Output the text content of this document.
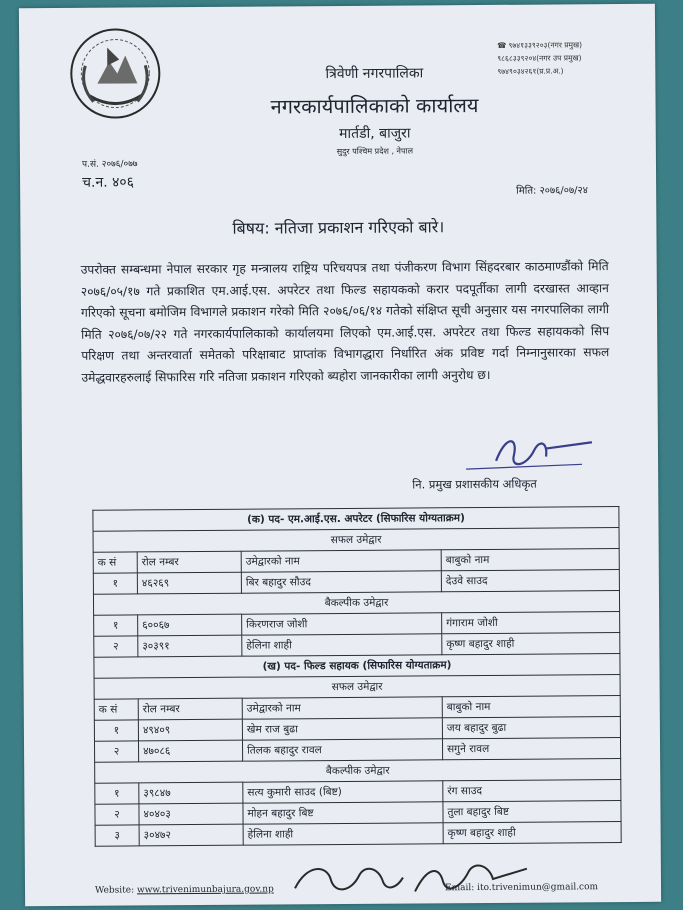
त्रिवेणी नगरपालिका
नगरकार्यपालिकाको कार्यालय
मार्तडी, बाजुरा
सुदुर पश्चिम प्रदेश , नेपाल
☎ ९७४१३३९२०३(नगर प्रमुख)
९८६८३३९२०४(नगर उप प्रमुख)
९७४९०३४२६१(प्र.प्र.अ.)
प.सं. २०७६/०७७
च.न. ४०६
मिति: २०७६/०७/२४
बिषय: नतिजा प्रकाशन गरिएको बारे।
उपरोक्त सम्बन्धमा नेपाल सरकार गृह मन्त्रालय राष्ट्रिय परिचयपत्र तथा पंजीकरण विभाग सिंहदरबार काठमाण्डौंको मिति २०७६/०५/१७ गते प्रकाशित एम.आई.एस. अपरेटर तथा फिल्ड सहायकको करार पदपूर्तीका लागी दरखास्त आव्हान गरिएको सूचना बमोजिम विभागले प्रकाशन गरेको मिति २०७६/०६/१४ गतेको संक्षिप्त सूची अनुसार यस नगरपालिका लागी मिति २०७६/०७/२२ गते नगरकार्यपालिकाको कार्यालयमा लिएको एम.आई.एस. अपरेटर तथा फिल्ड सहायकको सिप परिक्षण तथा अन्तरवार्ता समेतको परिक्षाबाट प्राप्तांक विभागद्धारा निर्धारित अंक प्रविष्ट गर्दा निम्नानुसारका सफल उमेद्धवारहरुलाई सिफारिस गरि नतिजा प्रकाशन गरिएको ब्यहोरा जानकारीका लागी अनुरोध छ।
नि. प्रमुख प्रशासकीय अधिकृत
(क) पद- एम.आई.एस. अपरेटर (सिफारिस योग्यताक्रम)			
सफल उमेद्वार			
क सं	रोल नम्बर	उमेद्वारको नाम	बाबुको नाम
१	४६२६९	बिर बहादुर सौउद	देउवे साउद
बैकल्पीक उमेद्वार			
१	६००६७	किरणराज जोशी	गंगाराम जोशी
२	३०३९१	हेलिना शाही	कृष्ण बहादुर शाही
(ख) पद- फिल्ड सहायक (सिफारिस योग्यताक्रम)			
सफल उमेद्वार			
क सं	रोल नम्बर	उमेद्वारको नाम	बाबुको नाम
१	४९४०९	खेम राज बुढा	जय बहादुर बुढा
२	४७०८६	तिलक बहादुर रावल	सगुने रावल
बैकल्पीक उमेद्वार			
१	३९८४७	सत्य कुमारी साउद (बिष्ट)	रंग साउद
२	४०४०३	मोहन बहादुर बिष्ट	तुला बहादुर बिष्ट
३	३०४७२	हेलिना शाही	कृष्ण बहादुर शाही
Website: www.trivenimunbajura.gov.np	Email: ito.trivenimun@gmail.com
